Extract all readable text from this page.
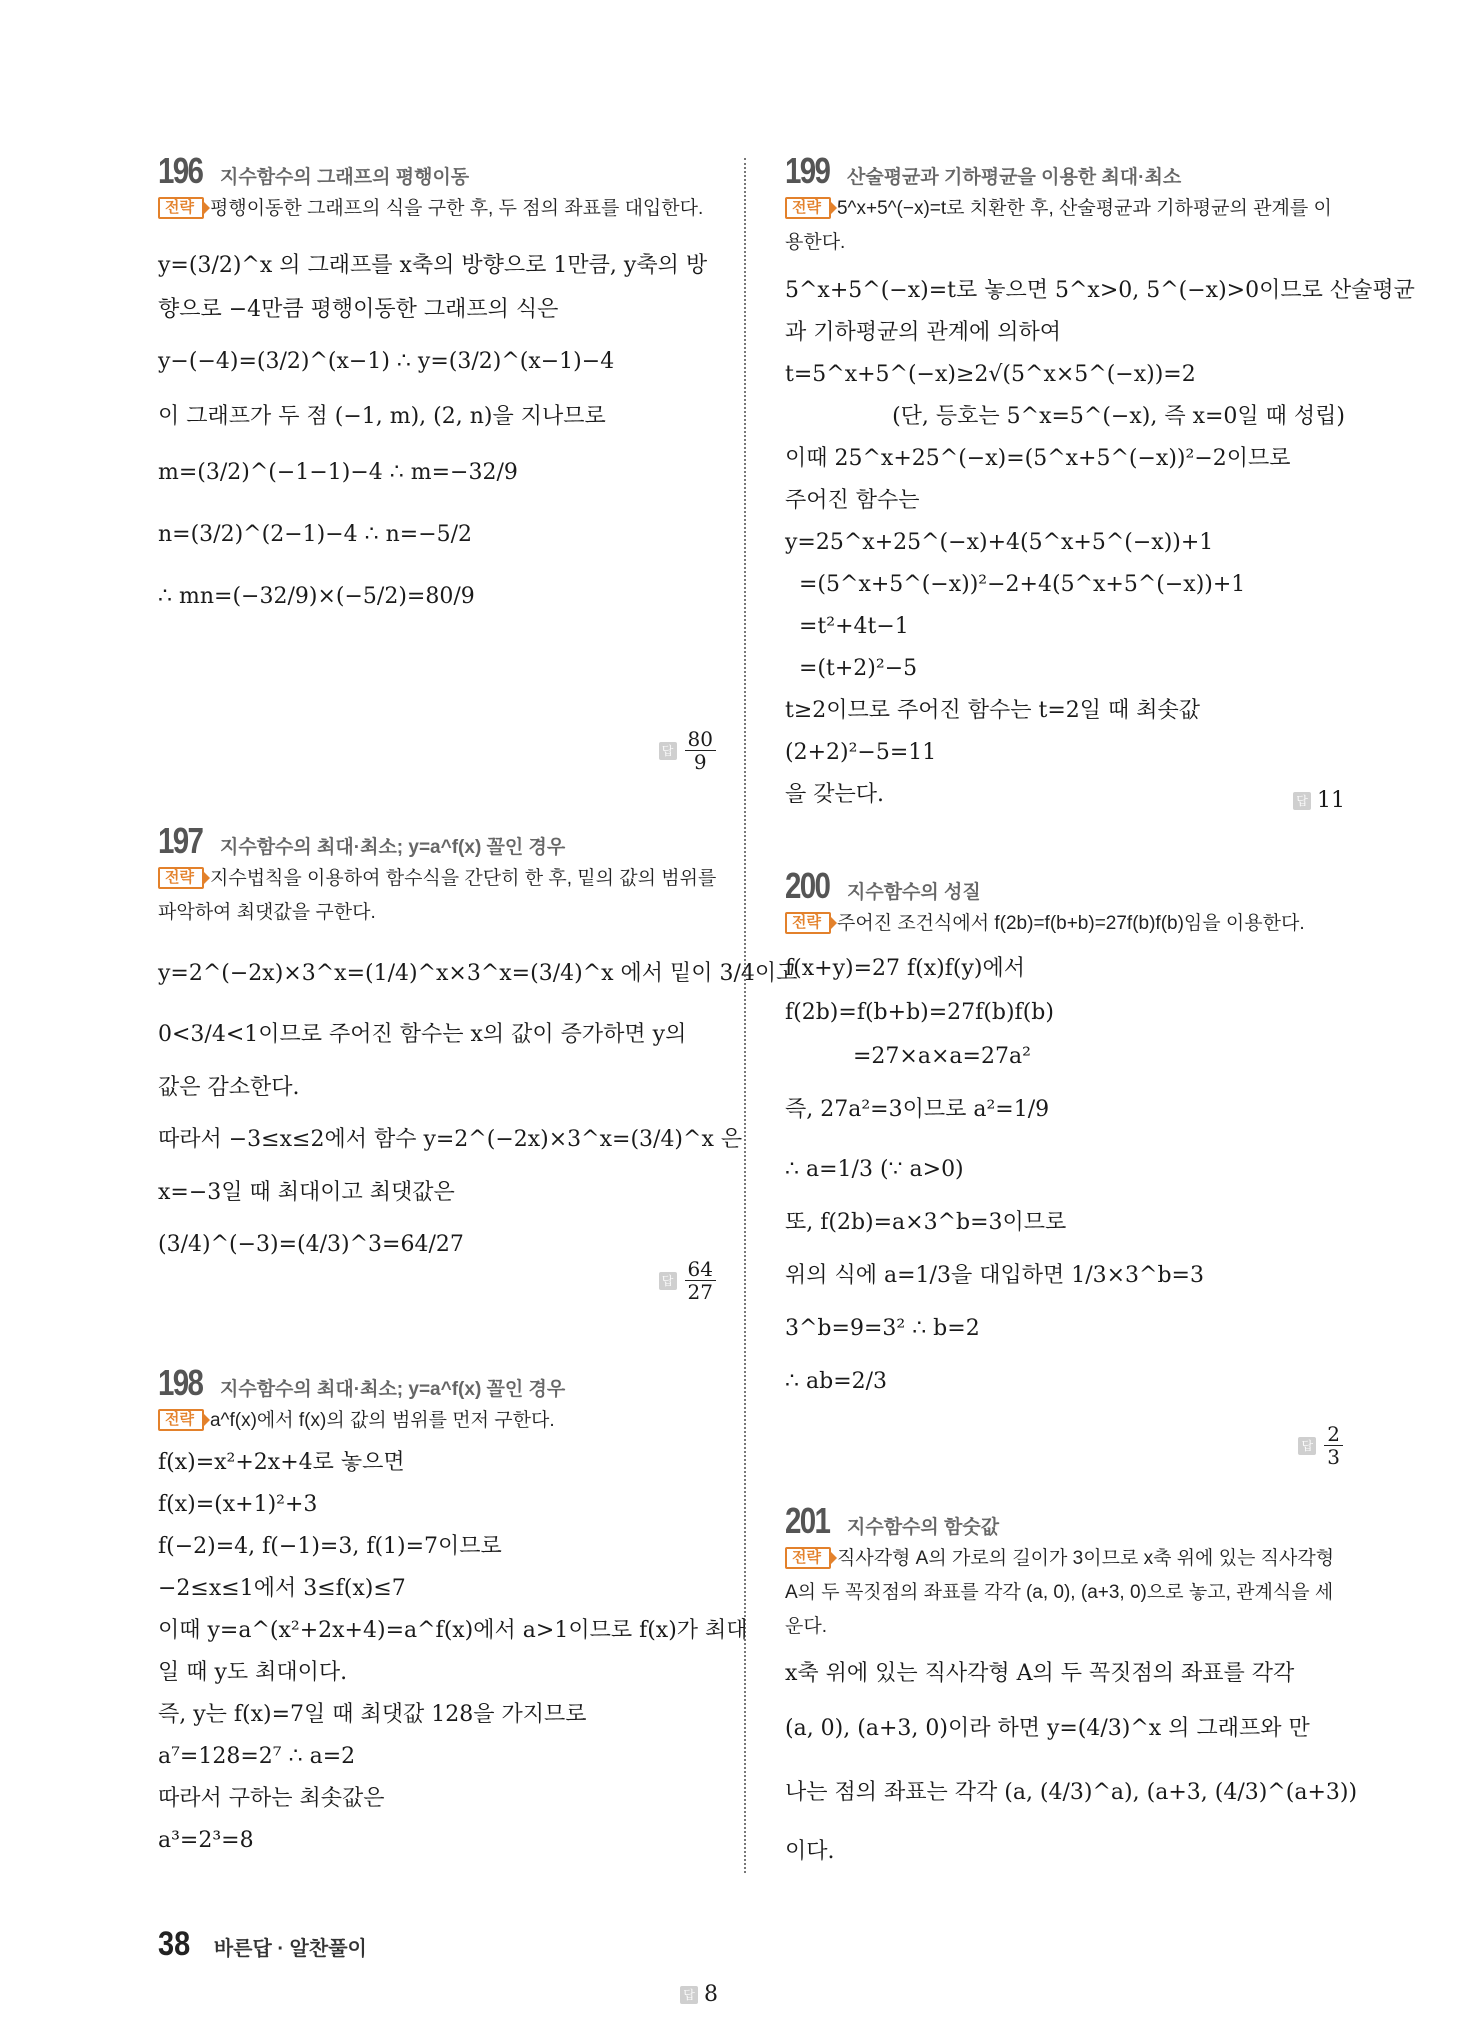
196 지수함수의 그래프의 평행이동
전략 평행이동한 그래프의 식을 구한 후, 두 점의 좌표를 대입한다.
y=(3/2)^x 의 그래프를 x축의 방향으로 1만큼, y축의 방
향으로 −4만큼 평행이동한 그래프의 식은
y−(−4)=(3/2)^(x−1) ∴ y=(3/2)^(x−1)−4
이 그래프가 두 점 (−1, m), (2, n)을 지나므로
m=(3/2)^(−1−1)−4 ∴ m=−32/9
n=(3/2)^(2−1)−4 ∴ n=−5/2
∴ mn=(−32/9)×(−5/2)=80/9
답 $\frac{80}{9}$
197 지수함수의 최대·최소; y=a^f(x) 꼴인 경우
전략 지수법칙을 이용하여 함수식을 간단히 한 후, 밑의 값의 범위를 파악하여 최댓값을 구한다.
y=2^(−2x)×3^x=(1/4)^x×3^x=(3/4)^x 에서 밑이 3/4이고
0<3/4<1이므로 주어진 함수는 x의 값이 증가하면 y의
값은 감소한다.
따라서 −3≤x≤2에서 함수 y=2^(−2x)×3^x=(3/4)^x 은
x=−3일 때 최대이고 최댓값은
(3/4)^(−3)=(4/3)^3=64/27
답 $\frac{64}{27}$
198 지수함수의 최대·최소; y=a^f(x) 꼴인 경우
전략 a^f(x)에서 f(x)의 값의 범위를 먼저 구한다.
f(x)=x²+2x+4로 놓으면
f(x)=(x+1)²+3
f(−2)=4, f(−1)=3, f(1)=7이므로
−2≤x≤1에서 3≤f(x)≤7
이때 y=a^(x²+2x+4)=a^f(x)에서 a>1이므로 f(x)가 최대
일 때 y도 최대이다.
즉, y는 f(x)=7일 때 최댓값 128을 가지므로
a⁷=128=2⁷ ∴ a=2
따라서 구하는 최솟값은
a³=2³=8
답 8
199 산술평균과 기하평균을 이용한 최대·최소
전략 5^x+5^(−x)=t로 치환한 후, 산술평균과 기하평균의 관계를 이용한다.
5^x+5^(−x)=t로 놓으면 5^x>0, 5^(−x)>0이므로 산술평균
과 기하평균의 관계에 의하여
t=5^x+5^(−x)≥2√(5^x×5^(−x))=2
(단, 등호는 5^x=5^(−x), 즉 x=0일 때 성립)
이때 25^x+25^(−x)=(5^x+5^(−x))²−2이므로
주어진 함수는
y=25^x+25^(−x)+4(5^x+5^(−x))+1
=(5^x+5^(−x))²−2+4(5^x+5^(−x))+1
=t²+4t−1
=(t+2)²−5
t≥2이므로 주어진 함수는 t=2일 때 최솟값
(2+2)²−5=11
을 갖는다.	답 11
200 지수함수의 성질
전략 주어진 조건식에서 f(2b)=f(b+b)=27f(b)f(b)임을 이용한다.
f(x+y)=27 f(x)f(y)에서
f(2b)=f(b+b)=27f(b)f(b)
=27×a×a=27a²
즉, 27a²=3이므로 a²=1/9
∴ a=1/3 (∵ a>0)
또, f(2b)=a×3^b=3이므로
위의 식에 a=1/3을 대입하면 1/3×3^b=3
3^b=9=3² ∴ b=2
∴ ab=2/3
답 $\frac{2}{3}$
201 지수함수의 함숫값
전략 직사각형 A의 가로의 길이가 3이므로 x축 위에 있는 직사각형 A의 두 꼭짓점의 좌표를 각각 (a, 0), (a+3, 0)으로 놓고, 관계식을 세운다.
x축 위에 있는 직사각형 A의 두 꼭짓점의 좌표를 각각
(a, 0), (a+3, 0)이라 하면 y=(4/3)^x 의 그래프와 만
나는 점의 좌표는 각각 (a, (4/3)^a), (a+3, (4/3)^(a+3))
이다.
38 바른답 · 알찬풀이
